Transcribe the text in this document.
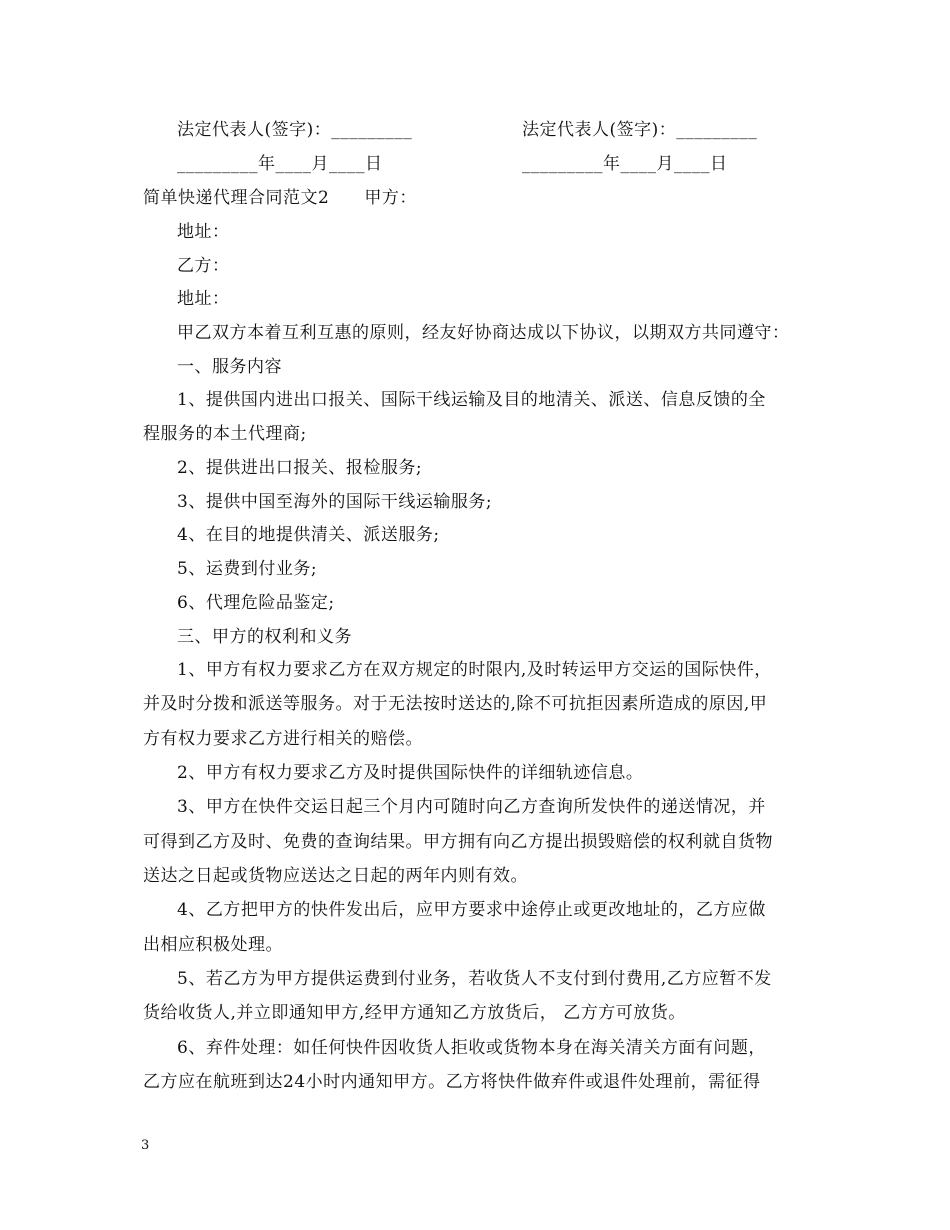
法定代表人(签字)：_________	法定代表人(签字)：_________
_________年____月____日	_________年____月____日
简单快递代理合同范文2　　甲方：
地址：
乙方：
地址：
甲乙双方本着互利互惠的原则，经友好协商达成以下协议，以期双方共同遵守：
一、服务内容
1、提供国内进出口报关、国际干线运输及目的地清关、派送、信息反馈的全
程服务的本土代理商;
2、提供进出口报关、报检服务;
3、提供中国至海外的国际干线运输服务;
4、在目的地提供清关、派送服务;
5、运费到付业务;
6、代理危险品鉴定;
三、甲方的权利和义务
1、甲方有权力要求乙方在双方规定的时限内,及时转运甲方交运的国际快件，
并及时分拨和派送等服务。对于无法按时送达的,除不可抗拒因素所造成的原因,甲
方有权力要求乙方进行相关的赔偿。
2、甲方有权力要求乙方及时提供国际快件的详细轨迹信息。
3、甲方在快件交运日起三个月内可随时向乙方查询所发快件的递送情况，并
可得到乙方及时、免费的查询结果。甲方拥有向乙方提出损毁赔偿的权利就自货物
送达之日起或货物应送达之日起的两年内则有效。
4、乙方把甲方的快件发出后，应甲方要求中途停止或更改地址的，乙方应做
出相应积极处理。
5、若乙方为甲方提供运费到付业务，若收货人不支付到付费用,乙方应暂不发
货给收货人,并立即通知甲方,经甲方通知乙方放货后， 乙方方可放货。
6、弃件处理：如任何快件因收货人拒收或货物本身在海关清关方面有问题，
乙方应在航班到达24小时内通知甲方。乙方将快件做弃件或退件处理前，需征得
3
